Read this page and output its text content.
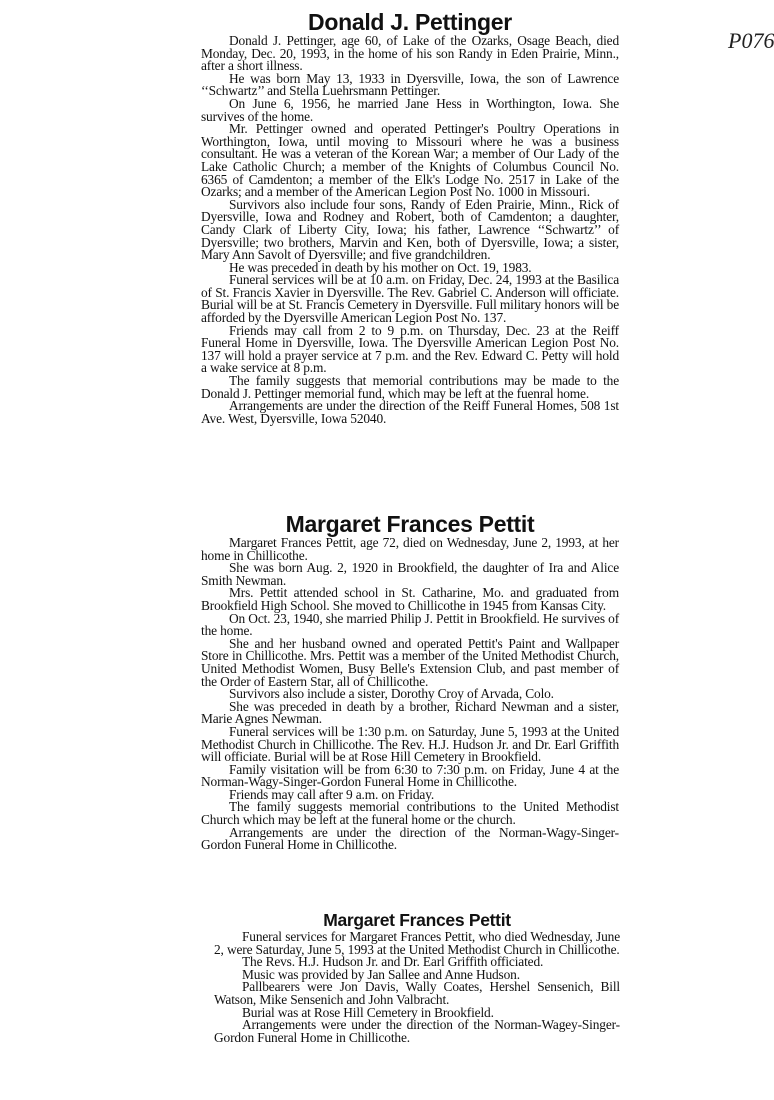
P076
Donald J. Pettinger

Donald J. Pettinger, age 60, of Lake of the Ozarks, Osage Beach, died Monday, Dec. 20, 1993, in the home of his son Randy in Eden Prairie, Minn., after a short illness.

He was born May 13, 1933 in Dyersville, Iowa, the son of Lawrence ‘‘Schwartz’’ and Stella Luehrsmann Pettinger.

On June 6, 1956, he married Jane Hess in Worthington, Iowa. She survives of the home.

Mr. Pettinger owned and operated Pettinger's Poultry Operations in Worthington, Iowa, until moving to Missouri where he was a business consultant. He was a veteran of the Korean War; a member of Our Lady of the Lake Catholic Church; a member of the Knights of Columbus Council No. 6365 of Camdenton; a member of the Elk's Lodge No. 2517 in Lake of the Ozarks; and a member of the American Legion Post No. 1000 in Missouri.

Survivors also include four sons, Randy of Eden Prairie, Minn., Rick of Dyersville, Iowa and Rodney and Robert, both of Camdenton; a daughter, Candy Clark of Liberty City, Iowa; his father, Lawrence ‘‘Schwartz’’ of Dyersville; two brothers, Marvin and Ken, both of Dyersville, Iowa; a sister, Mary Ann Savolt of Dyersville; and five grandchildren.

He was preceded in death by his mother on Oct. 19, 1983.

Funeral services will be at 10 a.m. on Friday, Dec. 24, 1993 at the Basilica of St. Francis Xavier in Dyersville. The Rev. Gabriel C. Anderson will officiate. Burial will be at St. Francis Cemetery in Dyersville. Full military honors will be afforded by the Dyersville American Legion Post No. 137.

Friends may call from 2 to 9 p.m. on Thursday, Dec. 23 at the Reiff Funeral Home in Dyersville, Iowa. The Dyersville American Legion Post No. 137 will hold a prayer service at 7 p.m. and the Rev. Edward C. Petty will hold a wake service at 8 p.m.

The family suggests that memorial contributions may be made to the Donald J. Pettinger memorial fund, which may be left at the fuenral home.

Arrangements are under the direction of the Reiff Funeral Homes, 508 1st Ave. West, Dyersville, Iowa 52040.

Margaret Frances Pettit

Margaret Frances Pettit, age 72, died on Wednesday, June 2, 1993, at her home in Chillicothe.

She was born Aug. 2, 1920 in Brookfield, the daughter of Ira and Alice Smith Newman.

Mrs. Pettit attended school in St. Catharine, Mo. and graduated from Brookfield High School. She moved to Chillicothe in 1945 from Kansas City.

On Oct. 23, 1940, she married Philip J. Pettit in Brookfield. He survives of the home.

She and her husband owned and operated Pettit's Paint and Wallpaper Store in Chillicothe. Mrs. Pettit was a member of the United Methodist Church, United Methodist Women, Busy Belle's Extension Club, and past member of the Order of Eastern Star, all of Chillicothe.

Survivors also include a sister, Dorothy Croy of Arvada, Colo.

She was preceded in death by a brother, Richard Newman and a sister, Marie Agnes Newman.

Funeral services will be 1:30 p.m. on Saturday, June 5, 1993 at the United Methodist Church in Chillicothe. The Rev. H.J. Hudson Jr. and Dr. Earl Griffith will officiate. Burial will be at Rose Hill Cemetery in Brookfield.

Family visitation will be from 6:30 to 7:30 p.m. on Friday, June 4 at the Norman-Wagy-Singer-Gordon Funeral Home in Chillicothe.

Friends may call after 9 a.m. on Friday.

The family suggests memorial contributions to the United Methodist Church which may be left at the funeral home or the church.

Arrangements are under the direction of the Norman-Wagy-Singer-Gordon Funeral Home in Chillicothe.

Margaret Frances Pettit

Funeral services for Margaret Frances Pettit, who died Wednesday, June 2, were Saturday, June 5, 1993 at the United Methodist Church in Chillicothe.

The Revs. H.J. Hudson Jr. and Dr. Earl Griffith officiated.

Music was provided by Jan Sallee and Anne Hudson.

Pallbearers were Jon Davis, Wally Coates, Hershel Sensenich, Bill Watson, Mike Sensenich and John Valbracht.

Burial was at Rose Hill Cemetery in Brookfield.

Arrangements were under the direction of the Norman-Wagey-Singer-Gordon Funeral Home in Chillicothe.
